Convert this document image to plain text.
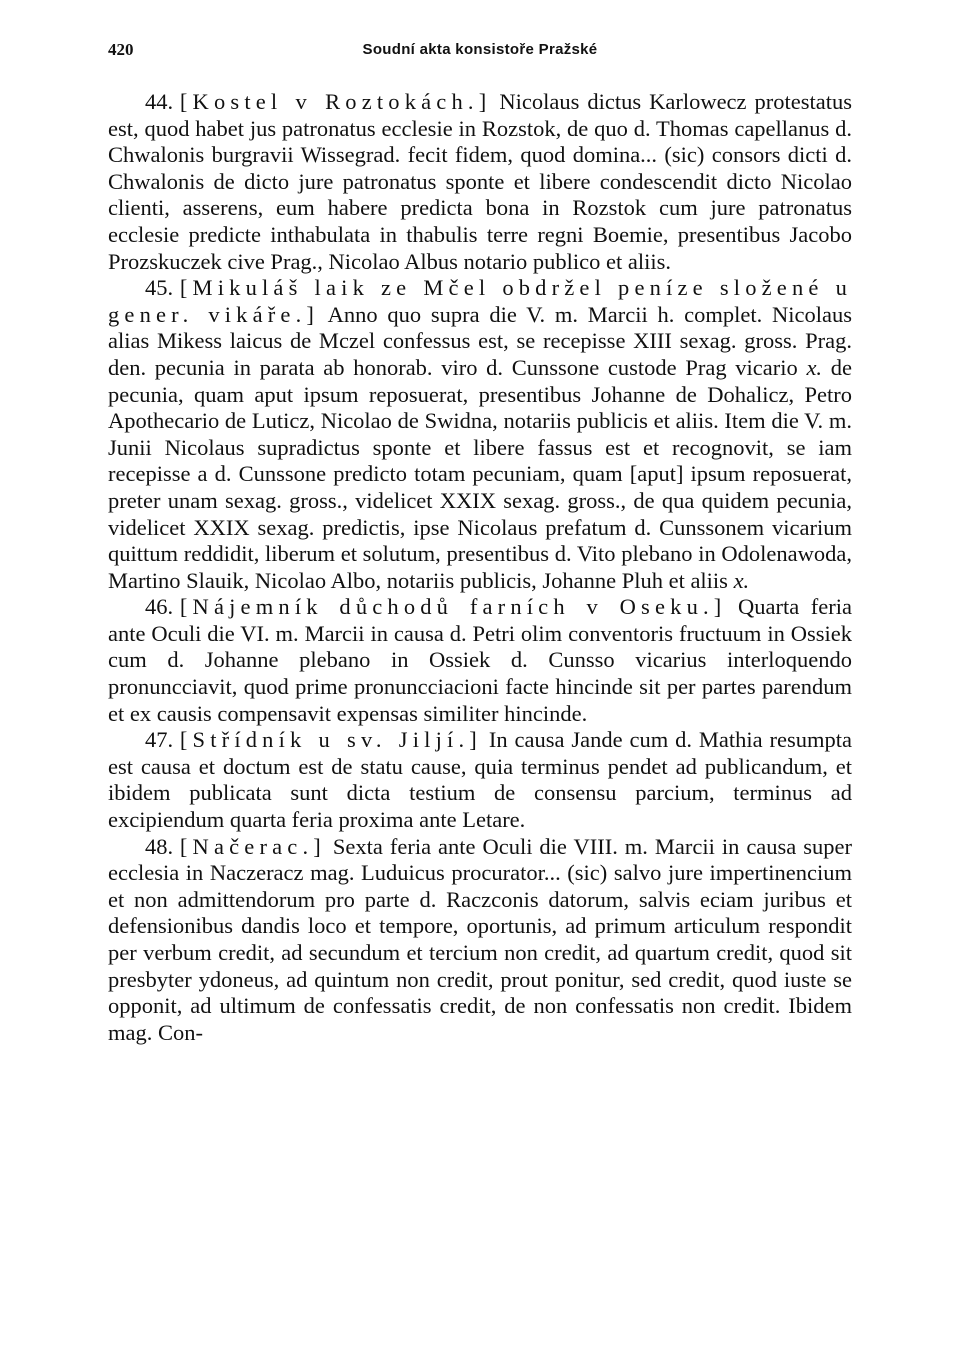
420	Soudní akta konsistoře Pražské

44. [Kostel v Roztokách.] Nicolaus dictus Karlowecz protestatus est, quod habet jus patronatus ecclesie in Rozstok, de quo d. Thomas capellanus d. Chwalonis burgravii Wissegrad. fecit fidem, quod domina... (sic) consors dicti d. Chwalonis de dicto jure patronatus sponte et libere condescendit dicto Nicolao clienti, asserens, eum habere predicta bona in Rozstok cum jure patronatus ecclesie predicte inthabulata in thabulis terre regni Boemie, presentibus Jacobo Prozskuczek cive Prag., Nicolao Albus notario publico et aliis.

45. [Mikuláš laik ze Mčel obdržel peníze složené u gener. vikáře.] Anno quo supra die V. m. Marcii h. complet. Nicolaus alias Mikess laicus de Mczel confessus est, se recepisse XIII sexag. gross. Prag. den. pecunia in parata ab honorab. viro d. Cunssone custode Prag vicario x. de pecunia, quam aput ipsum reposuerat, presentibus Johanne de Dohalicz, Petro Apothecario de Luticz, Nicolao de Swidna, notariis publicis et aliis. Item die V. m. Junii Nicolaus supradictus sponte et libere fassus est et recognovit, se iam recepisse a d. Cunssone predicto totam pecuniam, quam [aput] ipsum reposuerat, preter unam sexag. gross., videlicet XXIX sexag. gross., de qua quidem pecunia, videlicet XXIX sexag. predictis, ipse Nicolaus prefatum d. Cunssonem vicarium quittum reddidit, liberum et solutum, presentibus d. Vito plebano in Odolenawoda, Martino Slauik, Nicolao Albo, notariis publicis, Johanne Pluh et aliis x.

46. [Nájemník důchodů farních v Oseku.] Quarta feria ante Oculi die VI. m. Marcii in causa d. Petri olim conventoris fructuum in Ossiek cum d. Johanne plebano in Ossiek d. Cunsso vicarius interloquendo pronuncciavit, quod prime pronuncciacioni facte hincinde sit per partes parendum et ex causis compensavit expensas similiter hincinde.

47. [Střídník u sv. Jiljí.] In causa Jande cum d. Mathia resumpta est causa et doctum est de statu cause, quia terminus pendet ad publicandum, et ibidem publicata sunt dicta testium de consensu parcium, terminus ad excipiendum quarta feria proxima ante Letare.

48. [Načerac.] Sexta feria ante Oculi die VIII. m. Marcii in causa super ecclesia in Naczeracz mag. Luduicus procurator... (sic) salvo jure impertinencium et non admittendorum pro parte d. Raczconis datorum, salvis eciam juribus et defensionibus dandis loco et tempore, oportunis, ad primum articulum respondit per verbum credit, ad secundum et tercium non credit, ad quartum credit, quod sit presbyter ydoneus, ad quintum non credit, prout ponitur, sed credit, quod iuste se opponit, ad ultimum de confessatis credit, de non confessatis non credit. Ibidem mag. Con-
